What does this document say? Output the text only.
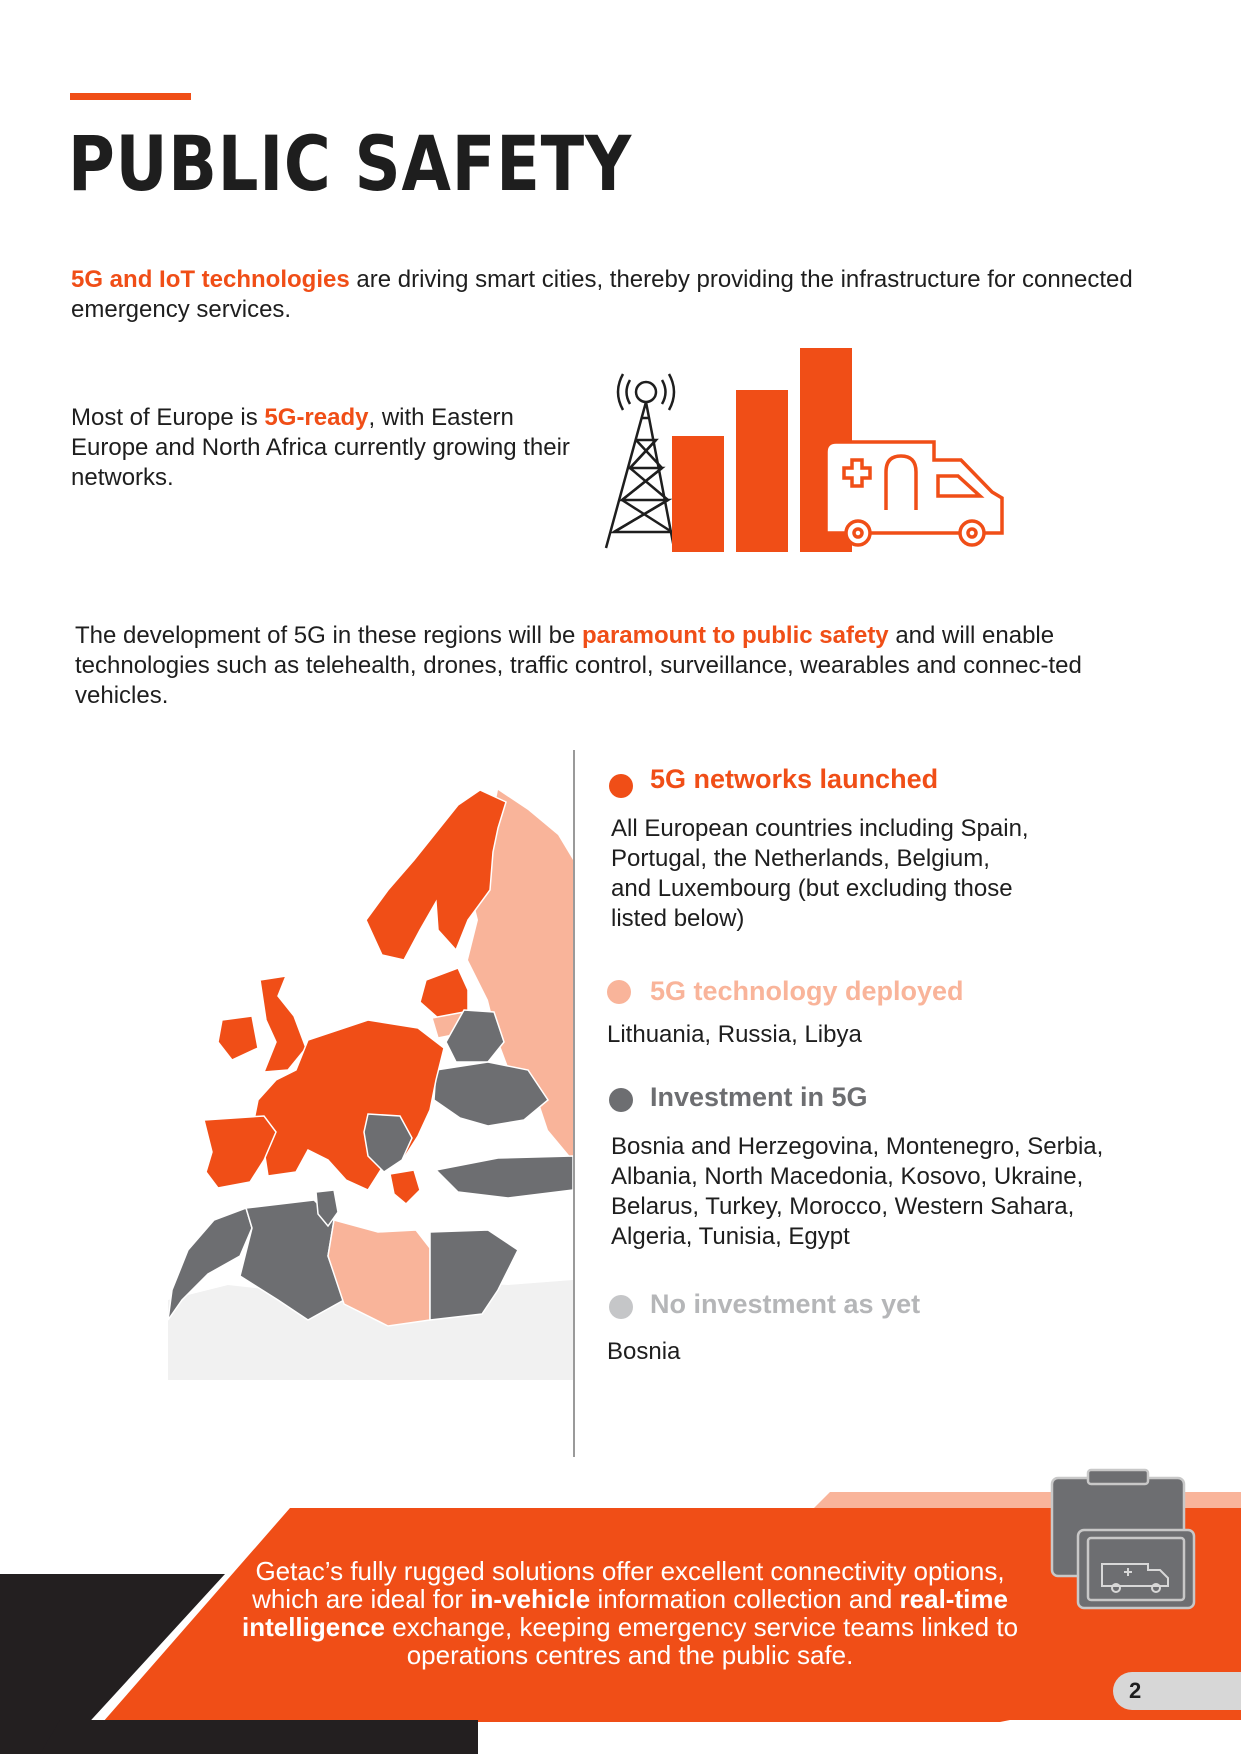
PUBLIC SAFETY

5G and IoT technologies are driving smart cities, thereby providing the infrastructure for connected emergency services.

Most of Europe is 5G-ready, with Eastern Europe and North Africa currently growing their networks.

The development of 5G in these regions will be paramount to public safety and will enable technologies such as telehealth, drones, traffic control, surveillance, wearables and connec-ted vehicles.

5G networks launched

All European countries including Spain, Portugal, the Netherlands, Belgium, and Luxembourg (but excluding those listed below)

5G technology deployed

Lithuania, Russia, Libya

Investment in 5G

Bosnia and Herzegovina, Montenegro, Serbia, Albania, North Macedonia, Kosovo, Ukraine, Belarus, Turkey, Morocco, Western Sahara, Algeria, Tunisia, Egypt

No investment as yet

Bosnia

Getac’s fully rugged solutions offer excellent connectivity options, which are ideal for in-vehicle information collection and real-time intelligence exchange, keeping emergency service teams linked to operations centres and the public safe.

2
